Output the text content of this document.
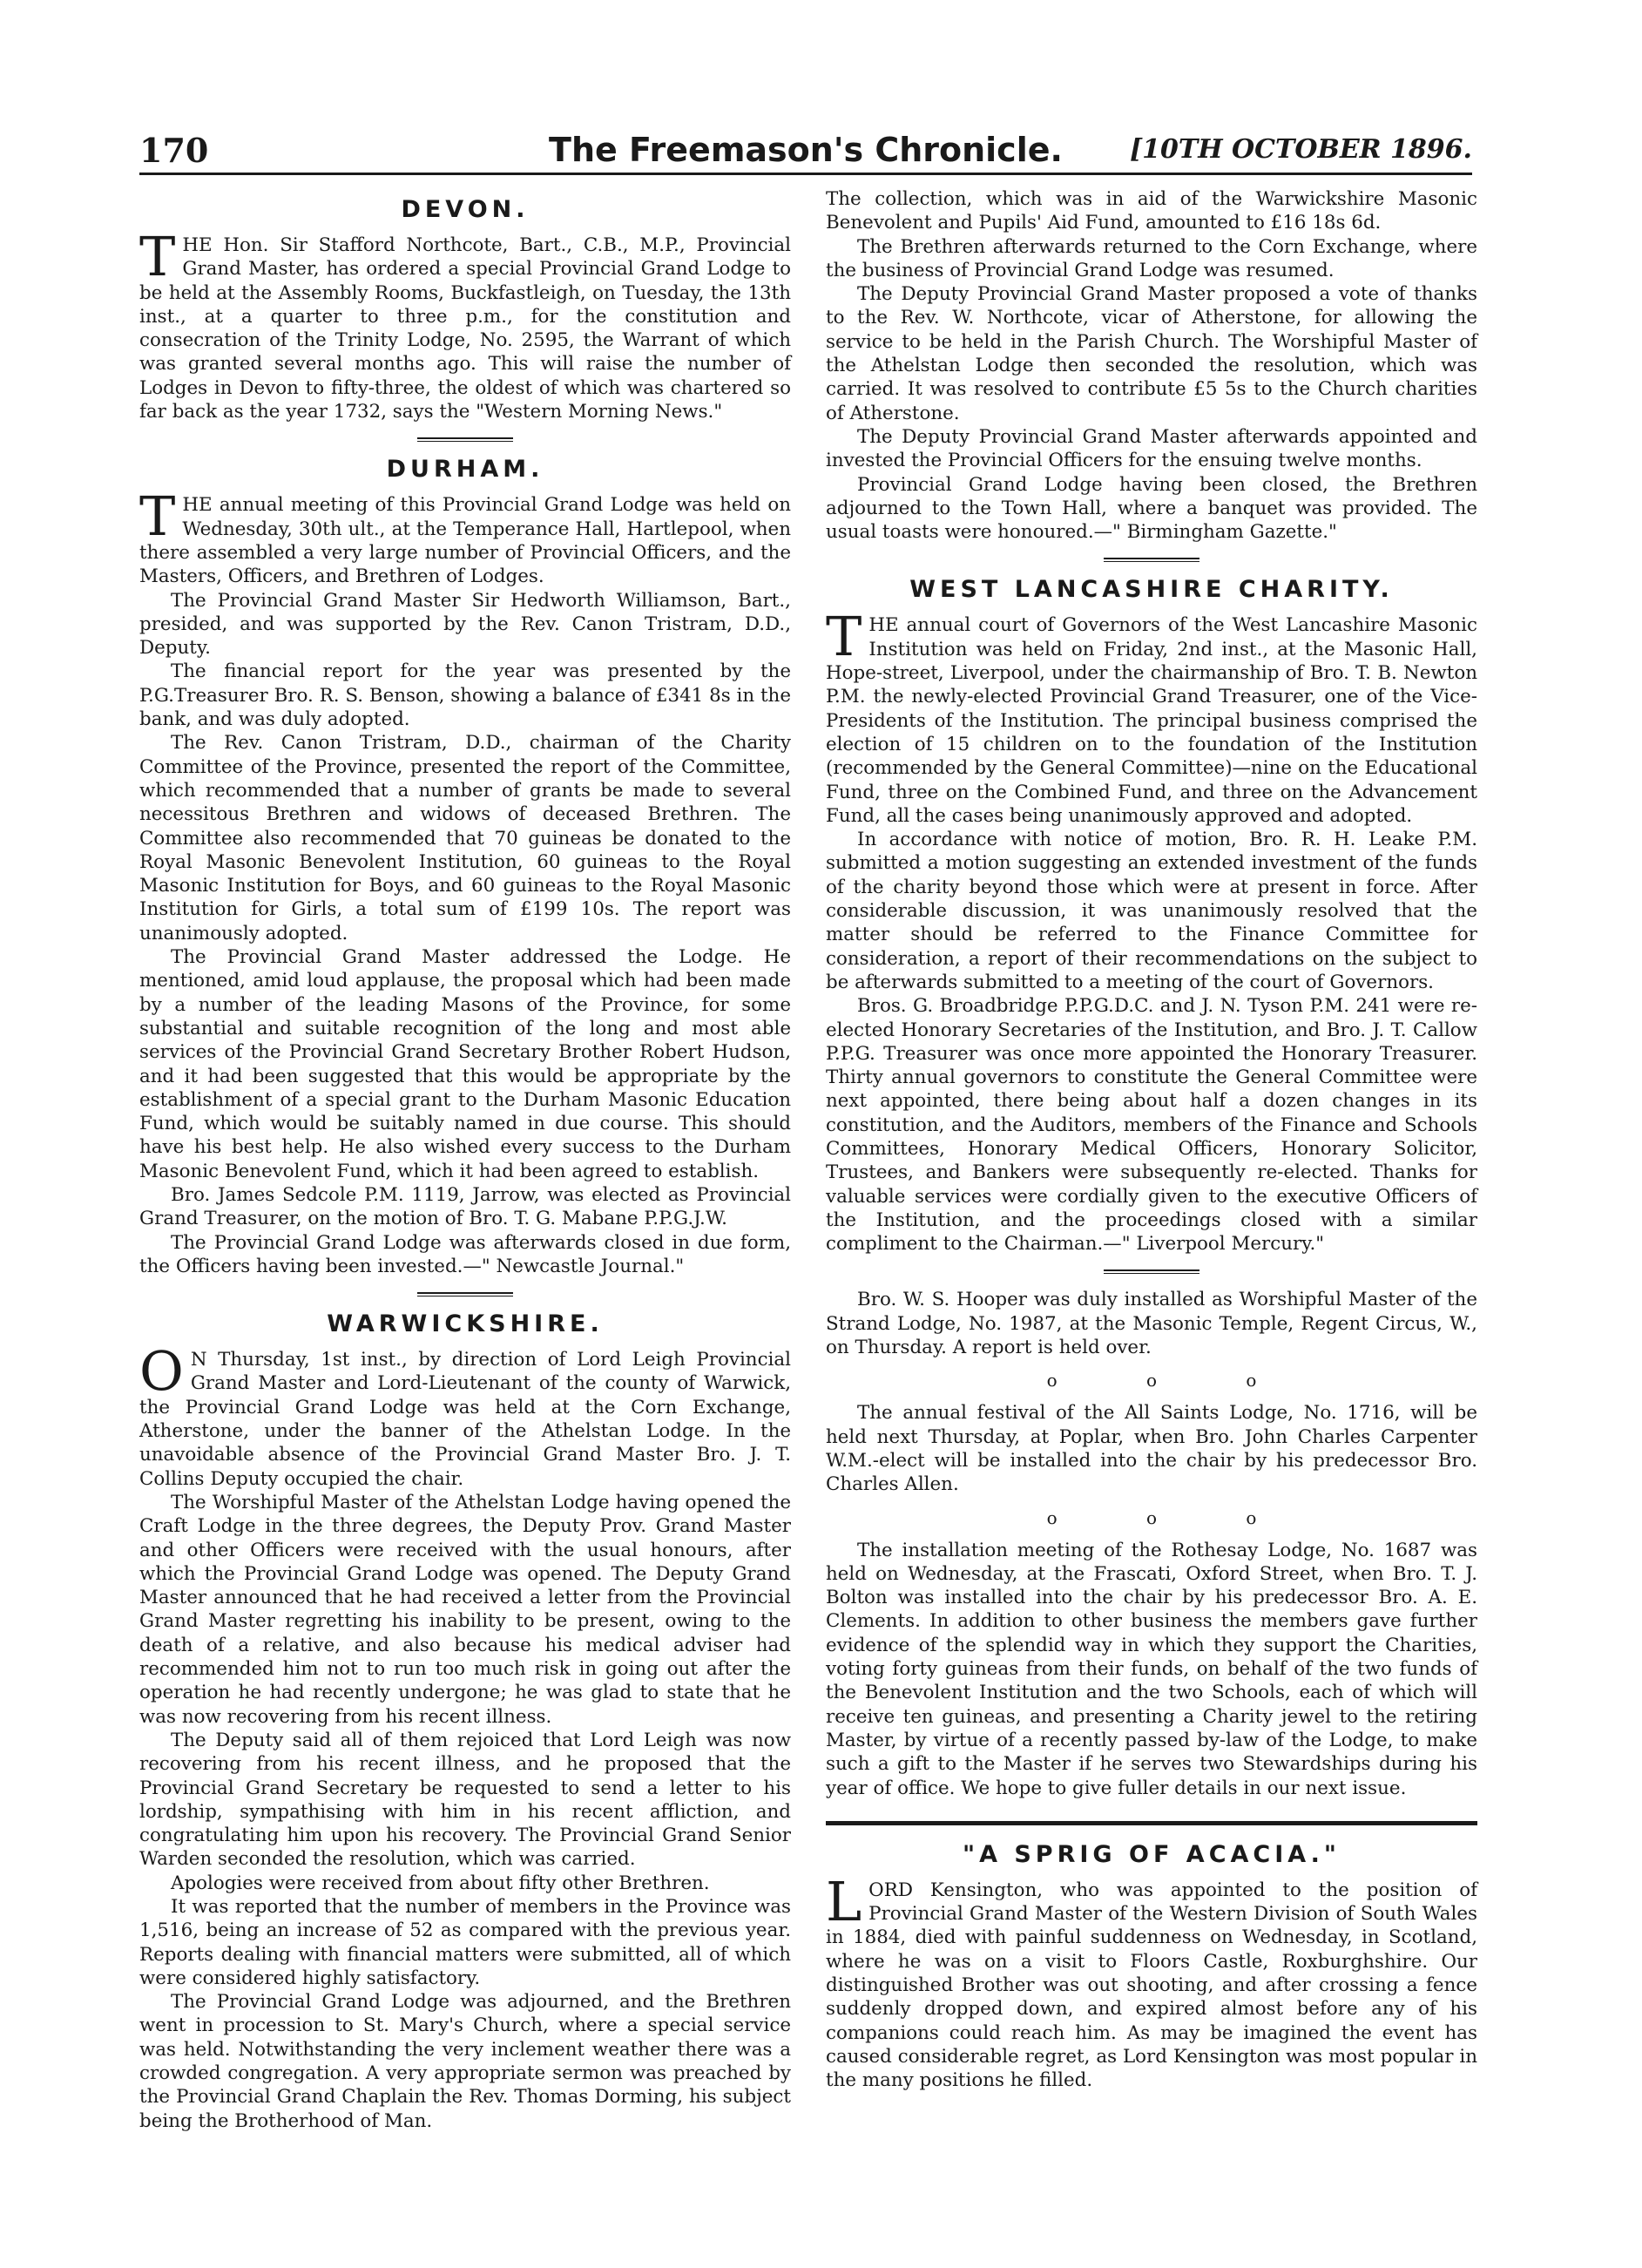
170	The Freemason's Chronicle.	[10TH OCTOBER 1896.
DEVON.

THE Hon. Sir Stafford Northcote, Bart., C.B., M.P., Provincial Grand Master, has ordered a special Provincial Grand Lodge to be held at the Assembly Rooms, Buckfastleigh, on Tuesday, the 13th inst., at a quarter to three p.m., for the constitution and consecration of the Trinity Lodge, No. 2595, the Warrant of which was granted several months ago. This will raise the number of Lodges in Devon to fifty-three, the oldest of which was chartered so far back as the year 1732, says the "Western Morning News."

DURHAM.

THE annual meeting of this Provincial Grand Lodge was held on Wednesday, 30th ult., at the Temperance Hall, Hartlepool, when there assembled a very large number of Provincial Officers, and the Masters, Officers, and Brethren of Lodges.

The Provincial Grand Master Sir Hedworth Williamson, Bart., presided, and was supported by the Rev. Canon Tristram, D.D., Deputy.

The financial report for the year was presented by the P.G.Treasurer Bro. R. S. Benson, showing a balance of £341 8s in the bank, and was duly adopted.

The Rev. Canon Tristram, D.D., chairman of the Charity Committee of the Province, presented the report of the Committee, which recommended that a number of grants be made to several necessitous Brethren and widows of deceased Brethren. The Committee also recommended that 70 guineas be donated to the Royal Masonic Benevolent Institution, 60 guineas to the Royal Masonic Institution for Boys, and 60 guineas to the Royal Masonic Institution for Girls, a total sum of £199 10s. The report was unanimously adopted.

The Provincial Grand Master addressed the Lodge. He mentioned, amid loud applause, the proposal which had been made by a number of the leading Masons of the Province, for some substantial and suitable recognition of the long and most able services of the Provincial Grand Secretary Brother Robert Hudson, and it had been suggested that this would be appropriate by the establishment of a special grant to the Durham Masonic Education Fund, which would be suitably named in due course. This should have his best help. He also wished every success to the Durham Masonic Benevolent Fund, which it had been agreed to establish.

Bro. James Sedcole P.M. 1119, Jarrow, was elected as Provincial Grand Treasurer, on the motion of Bro. T. G. Mabane P.P.G.J.W.

The Provincial Grand Lodge was afterwards closed in due form, the Officers having been invested.—" Newcastle Journal."

WARWICKSHIRE.

O N Thursday, 1st inst., by direction of Lord Leigh Provincial Grand Master and Lord-Lieutenant of the county of Warwick, the Provincial Grand Lodge was held at the Corn Exchange, Atherstone, under the banner of the Athelstan Lodge. In the unavoidable absence of the Provincial Grand Master Bro. J. T. Collins Deputy occupied the chair.

The Worshipful Master of the Athelstan Lodge having opened the Craft Lodge in the three degrees, the Deputy Prov. Grand Master and other Officers were received with the usual honours, after which the Provincial Grand Lodge was opened. The Deputy Grand Master announced that he had received a letter from the Provincial Grand Master regretting his inability to be present, owing to the death of a relative, and also because his medical adviser had recommended him not to run too much risk in going out after the operation he had recently undergone; he was glad to state that he was now recovering from his recent illness.

The Deputy said all of them rejoiced that Lord Leigh was now recovering from his recent illness, and he proposed that the Provincial Grand Secretary be requested to send a letter to his lordship, sympathising with him in his recent affliction, and congratulating him upon his recovery. The Provincial Grand Senior Warden seconded the resolution, which was carried.

Apologies were received from about fifty other Brethren.

It was reported that the number of members in the Province was 1,516, being an increase of 52 as compared with the previous year. Reports dealing with financial matters were submitted, all of which were considered highly satisfactory.

The Provincial Grand Lodge was adjourned, and the Brethren went in procession to St. Mary's Church, where a special service was held. Notwithstanding the very inclement weather there was a crowded congregation. A very appropriate sermon was preached by the Provincial Grand Chaplain the Rev. Thomas Dorming, his subject being the Brotherhood of Man.

The collection, which was in aid of the Warwickshire Masonic Benevolent and Pupils' Aid Fund, amounted to £16 18s 6d.

The Brethren afterwards returned to the Corn Exchange, where the business of Provincial Grand Lodge was resumed.

The Deputy Provincial Grand Master proposed a vote of thanks to the Rev. W. Northcote, vicar of Atherstone, for allowing the service to be held in the Parish Church. The Worshipful Master of the Athelstan Lodge then seconded the resolution, which was carried. It was resolved to contribute £5 5s to the Church charities of Atherstone.

The Deputy Provincial Grand Master afterwards appointed and invested the Provincial Officers for the ensuing twelve months.

Provincial Grand Lodge having been closed, the Brethren adjourned to the Town Hall, where a banquet was provided. The usual toasts were honoured.—" Birmingham Gazette."

WEST LANCASHIRE CHARITY.

THE annual court of Governors of the West Lancashire Masonic Institution was held on Friday, 2nd inst., at the Masonic Hall, Hope-street, Liverpool, under the chairmanship of Bro. T. B. Newton P.M. the newly-elected Provincial Grand Treasurer, one of the Vice-Presidents of the Institution. The principal business comprised the election of 15 children on to the foundation of the Institution (recommended by the General Committee)—nine on the Educational Fund, three on the Combined Fund, and three on the Advancement Fund, all the cases being unanimously approved and adopted.

In accordance with notice of motion, Bro. R. H. Leake P.M. submitted a motion suggesting an extended investment of the funds of the charity beyond those which were at present in force. After considerable discussion, it was unanimously resolved that the matter should be referred to the Finance Committee for consideration, a report of their recommendations on the subject to be afterwards submitted to a meeting of the court of Governors.

Bros. G. Broadbridge P.P.G.D.C. and J. N. Tyson P.M. 241 were re-elected Honorary Secretaries of the Institution, and Bro. J. T. Callow P.P.G. Treasurer was once more appointed the Honorary Treasurer. Thirty annual governors to constitute the General Committee were next appointed, there being about half a dozen changes in its constitution, and the Auditors, members of the Finance and Schools Committees, Honorary Medical Officers, Honorary Solicitor, Trustees, and Bankers were subsequently re-elected. Thanks for valuable services were cordially given to the executive Officers of the Institution, and the proceedings closed with a similar compliment to the Chairman.—" Liverpool Mercury."

Bro. W. S. Hooper was duly installed as Worshipful Master of the Strand Lodge, No. 1987, at the Masonic Temple, Regent Circus, W., on Thursday. A report is held over.

o o o

The annual festival of the All Saints Lodge, No. 1716, will be held next Thursday, at Poplar, when Bro. John Charles Carpenter W.M.-elect will be installed into the chair by his predecessor Bro. Charles Allen.

o o o

The installation meeting of the Rothesay Lodge, No. 1687 was held on Wednesday, at the Frascati, Oxford Street, when Bro. T. J. Bolton was installed into the chair by his predecessor Bro. A. E. Clements. In addition to other business the members gave further evidence of the splendid way in which they support the Charities, voting forty guineas from their funds, on behalf of the two funds of the Benevolent Institution and the two Schools, each of which will receive ten guineas, and presenting a Charity jewel to the retiring Master, by virtue of a recently passed by-law of the Lodge, to make such a gift to the Master if he serves two Stewardships during his year of office. We hope to give fuller details in our next issue.

"A SPRIG OF ACACIA."

LORD Kensington, who was appointed to the position of Provincial Grand Master of the Western Division of South Wales in 1884, died with painful suddenness on Wednesday, in Scotland, where he was on a visit to Floors Castle, Roxburghshire. Our distinguished Brother was out shooting, and after crossing a fence suddenly dropped down, and expired almost before any of his companions could reach him. As may be imagined the event has caused considerable regret, as Lord Kensington was most popular in the many positions he filled.
